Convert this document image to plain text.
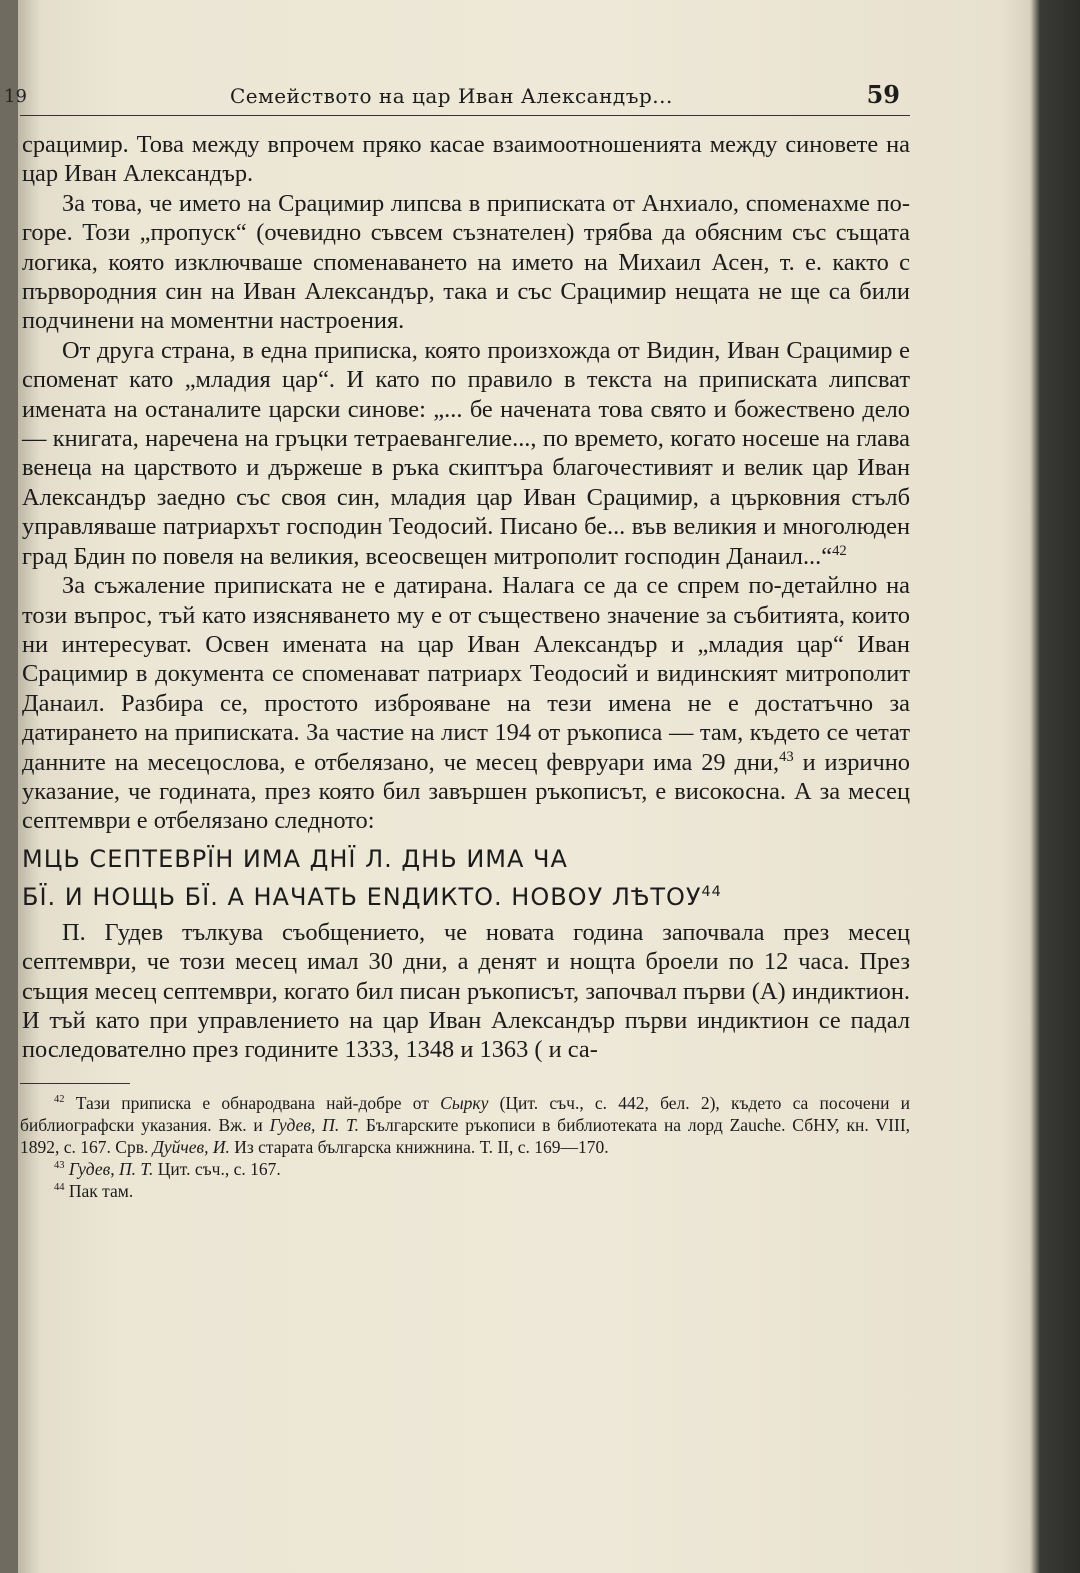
19	Семейството на цар Иван Александър...	59

срацимир. Това между впрочем пряко касае взаимоотношенията между синовете на цар Иван Александър.

За това, че името на Срацимир липсва в приписката от Анхиало, споменахме по-горе. Този „пропуск“ (очевидно съвсем съзнателен) трябва да обясним със същата логика, която изключваше споменаването на името на Михаил Асен, т. е. както с първородния син на Иван Александър, така и със Срацимир нещата не ще са били подчинени на моментни настроения.

От друга страна, в една приписка, която произхожда от Видин, Иван Срацимир е споменат като „младия цар“. И като по правило в текста на приписката липсват имената на останалите царски синове: „... бе начената това свято и божествено дело — книгата, наречена на гръцки тетраевангелие..., по времето, когато носеше на глава венеца на царството и държеше в ръка скиптъра благочестивият и велик цар Иван Александър заедно със своя син, младия цар Иван Срацимир, а църковния стълб управляваше патриархът господин Теодосий. Писано бе... във великия и многолюден град Бдин по повеля на великия, всеосвещен митрополит господин Данаил...“$^{42}$

За съжаление приписката не е датирана. Налага се да се спрем по-детайлно на този въпрос, тъй като изясняването му е от съществено значение за събитията, които ни интересуват. Освен имената на цар Иван Александър и „младия цар“ Иван Срацимир в документа се споменават патриарх Теодосий и видинският митрополит Данаил. Разбира се, простото изброяване на тези имена не е достатъчно за датирането на приписката. За частие на лист 194 от ръкописа — там, където се четат данните на месецослова, е отбелязано, че месец февруари има 29 дни,$^{43}$ и изрично указание, че годината, през която бил завършен ръкописът, е високосна. А за месец септември е отбелязано следното:

МЦЬ СЕПТЕВРЇН ИМА ДНЇ Л. ДНЬ ИМА ЧА
БЇ. И НОЩЬ БЇ. А НАЧАТЬ ЕNДИКТО. НОВОУ ЛѢТОУ$^{44}$

П. Гудев тълкува съобщението, че новата година започвала през месец септември, че този месец имал 30 дни, а денят и нощта броели по 12 часа. През същия месец септември, когато бил писан ръкописът, започвал първи (А) индиктион. И тъй като при управлението на цар Иван Александър първи индиктион се падал последователно през годините 1333, 1348 и 1363 ( и са-

$^{42}$ Тази приписка е обнародвана най-добре от Сырку (Цит. съч., с. 442, бел. 2), където са посочени и библиографски указания. Вж. и Гудев, П. Т. Българските ръкописи в библиотеката на лорд Zauche. СбНУ, кн. VIII, 1892, с. 167. Срв. Дуйчев, И. Из старата българска книжнина. Т. II, с. 169—170.

$^{43}$ Гудев, П. Т. Цит. съч., с. 167.

$^{44}$ Пак там.
